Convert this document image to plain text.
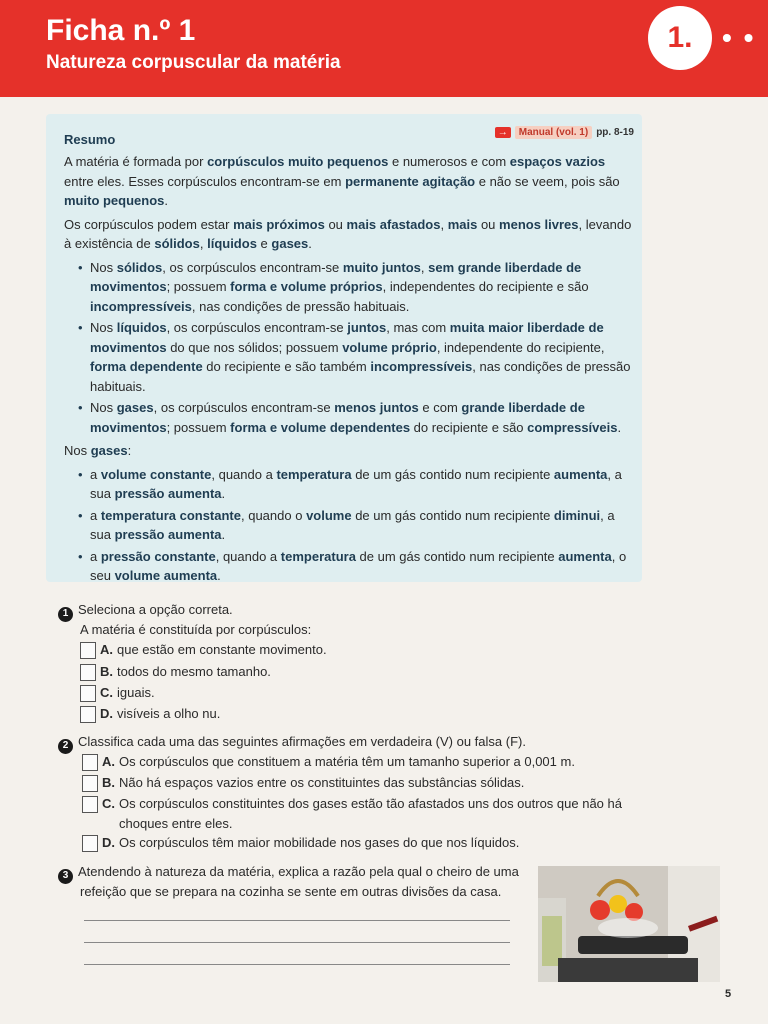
Ficha n.º 1
Natureza corpuscular da matéria
1.	• •
Resumo	→	Manual (vol. 1) pp. 8-19

A matéria é formada por corpúsculos muito pequenos e numerosos e com espaços vazios entre eles. Esses corpúsculos encontram-se em permanente agitação e não se veem, pois são muito pequenos.

Os corpúsculos podem estar mais próximos ou mais afastados, mais ou menos livres, levando à existência de sólidos, líquidos e gases.

• Nos sólidos, os corpúsculos encontram-se muito juntos, sem grande liberdade de movimentos; possuem forma e volume próprios, independentes do recipiente e são incompressíveis, nas condições de pressão habituais.
• Nos líquidos, os corpúsculos encontram-se juntos, mas com muita maior liberdade de movimentos do que nos sólidos; possuem volume próprio, independente do recipiente, forma dependente do recipiente e são também incompressíveis, nas condições de pressão habituais.
• Nos gases, os corpúsculos encontram-se menos juntos e com grande liberdade de movimentos; possuem forma e volume dependentes do recipiente e são compressíveis.

Nos gases:

• a volume constante, quando a temperatura de um gás contido num recipiente aumenta, a sua pressão aumenta.
• a temperatura constante, quando o volume de um gás contido num recipiente diminui, a sua pressão aumenta.
• a pressão constante, quando a temperatura de um gás contido num recipiente aumenta, o seu volume aumenta.
1 Seleciona a opção correta.
A matéria é constituída por corpúsculos:
A. que estão em constante movimento.
B. todos do mesmo tamanho.
C. iguais.
D. visíveis a olho nu.
2 Classifica cada uma das seguintes afirmações em verdadeira (V) ou falsa (F).
A. Os corpúsculos que constituem a matéria têm um tamanho superior a 0,001 m.
B. Não há espaços vazios entre os constituintes das substâncias sólidas.
C. Os corpúsculos constituintes dos gases estão tão afastados uns dos outros que não há choques entre eles.
D. Os corpúsculos têm maior mobilidade nos gases do que nos líquidos.
3 Atendendo à natureza da matéria, explica a razão pela qual o cheiro de uma
refeição que se prepara na cozinha se sente em outras divisões da casa.
5
